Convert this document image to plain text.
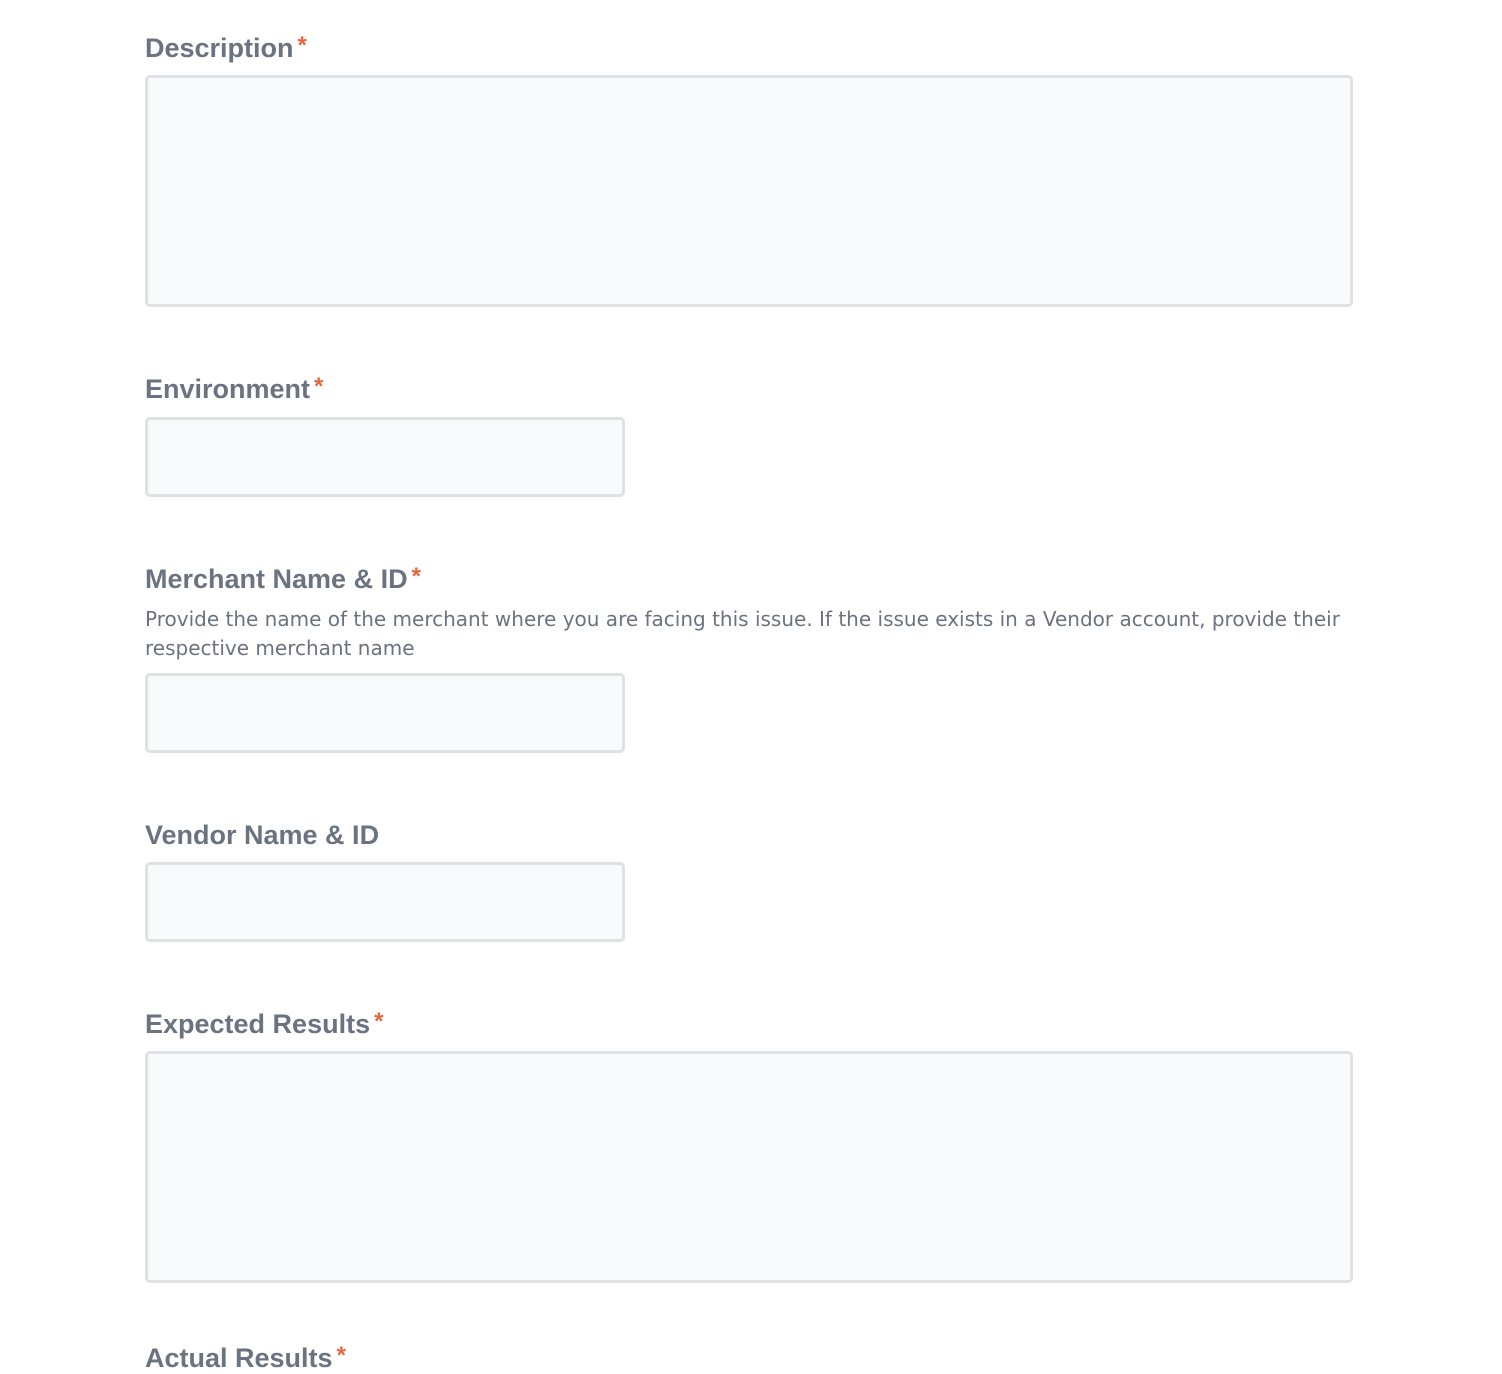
Description *
Environment *
Merchant Name & ID *
Provide the name of the merchant where you are facing this issue. If the issue exists in a Vendor account, provide their respective merchant name
Vendor Name & ID
Expected Results *
Actual Results *
